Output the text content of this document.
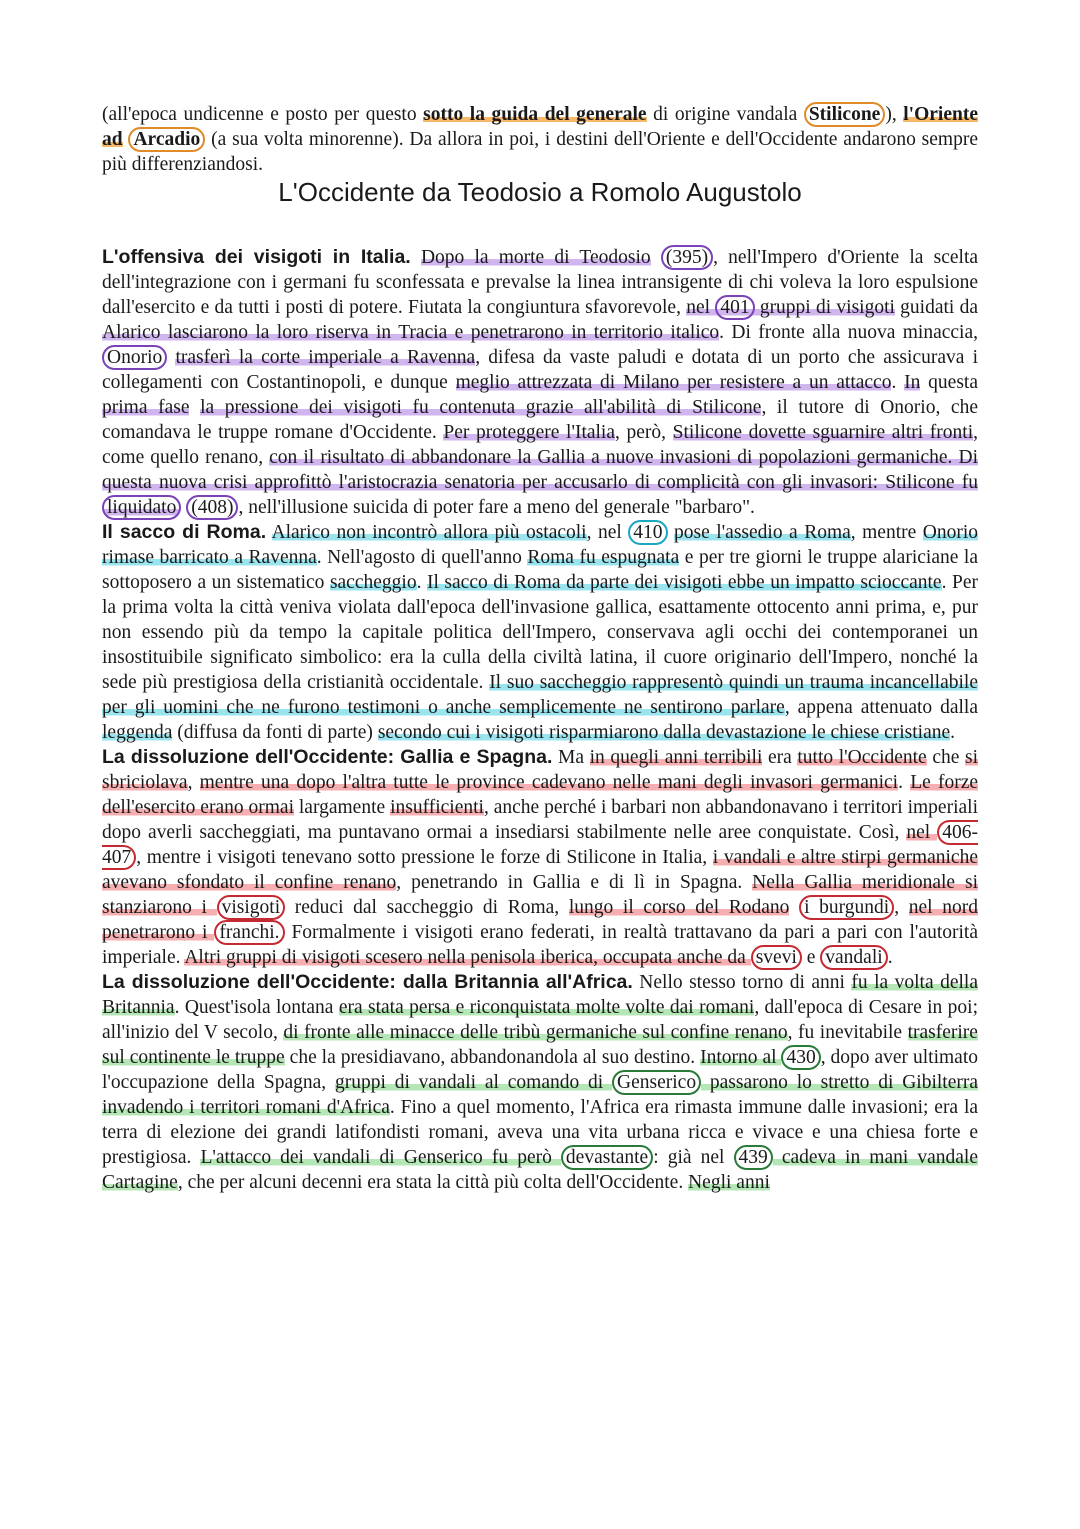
(all'epoca undicenne e posto per questo sotto la guida del generale di origine vandala Stilicone ), l'Oriente ad Arcadio (a sua volta minorenne). Da allora in poi, i destini dell'Oriente e dell'Occidente andarono sempre più differenziandosi.

L'Occidente da Teodosio a Romolo Augustolo

L'offensiva dei visigoti in Italia. Dopo la morte di Teodosio (395) , nell'Impero d'Oriente la scelta dell'integrazione con i germani fu sconfessata e prevalse la linea intransigente di chi voleva la loro espulsione dall'esercito e da tutti i posti di potere. Fiutata la congiuntura sfavorevole, nel 401 gruppi di visigoti guidati da Alarico lasciarono la loro riserva in Tracia e penetrarono in territorio italico. Di fronte alla nuova minaccia, Onorio trasferì la corte imperiale a Ravenna, difesa da vaste paludi e dotata di un porto che assicurava i collegamenti con Costantinopoli, e dunque meglio attrezzata di Milano per resistere a un attacco. In questa prima fase la pressione dei visigoti fu contenuta grazie all'abilità di Stilicone, il tutore di Onorio, che comandava le truppe romane d'Occidente. Per proteggere l'Italia, però, Stilicone dovette sguarnire altri fronti, come quello renano, con il risultato di abbandonare la Gallia a nuove invasioni di popolazioni germaniche. Di questa nuova crisi approfittò l'aristocrazia senatoria per accusarlo di complicità con gli invasori: Stilicone fu liquidato (408) , nell'illusione suicida di poter fare a meno del generale "barbaro".

Il sacco di Roma. Alarico non incontrò allora più ostacoli, nel 410 pose l'assedio a Roma, mentre Onorio rimase barricato a Ravenna. Nell'agosto di quell'anno Roma fu espugnata e per tre giorni le truppe alariciane la sottoposero a un sistematico saccheggio. Il sacco di Roma da parte dei visigoti ebbe un impatto scioccante. Per la prima volta la città veniva violata dall'epoca dell'invasione gallica, esattamente ottocento anni prima, e, pur non essendo più da tempo la capitale politica dell'Impero, conservava agli occhi dei contemporanei un insostituibile significato simbolico: era la culla della civiltà latina, il cuore originario dell'Impero, nonché la sede più prestigiosa della cristianità occidentale. Il suo saccheggio rappresentò quindi un trauma incancellabile per gli uomini che ne furono testimoni o anche semplicemente ne sentirono parlare, appena attenuato dalla leggenda (diffusa da fonti di parte) secondo cui i visigoti risparmiarono dalla devastazione le chiese cristiane.

La dissoluzione dell'Occidente: Gallia e Spagna. Ma in quegli anni terribili era tutto l'Occidente che si sbriciolava, mentre una dopo l'altra tutte le province cadevano nelle mani degli invasori germanici. Le forze dell'esercito erano ormai largamente insufficienti, anche perché i barbari non abbandonavano i territori imperiali dopo averli saccheggiati, ma puntavano ormai a insediarsi stabilmente nelle aree conquistate. Così, nel 406-407 , mentre i visigoti tenevano sotto pressione le forze di Stilicone in Italia, i vandali e altre stirpi germaniche avevano sfondato il confine renano, penetrando in Gallia e di lì in Spagna. Nella Gallia meridionale si stanziarono i visigoti reduci dal saccheggio di Roma, lungo il corso del Rodano i burgundi , nel nord penetrarono i franchi. Formalmente i visigoti erano federati, in realtà trattavano da pari a pari con l'autorità imperiale. Altri gruppi di visigoti scesero nella penisola iberica, occupata anche da svevi e vandali .

La dissoluzione dell'Occidente: dalla Britannia all'Africa. Nello stesso torno di anni fu la volta della Britannia. Quest'isola lontana era stata persa e riconquistata molte volte dai romani, dall'epoca di Cesare in poi; all'inizio del V secolo, di fronte alle minacce delle tribù germaniche sul confine renano, fu inevitabile trasferire sul continente le truppe che la presidiavano, abbandonandola al suo destino. Intorno al 430 , dopo aver ultimato l'occupazione della Spagna, gruppi di vandali al comando di Genserico passarono lo stretto di Gibilterra invadendo i territori romani d'Africa. Fino a quel momento, l'Africa era rimasta immune dalle invasioni; era la terra di elezione dei grandi latifondisti romani, aveva una vita urbana ricca e vivace e una chiesa forte e prestigiosa. L'attacco dei vandali di Genserico fu però devastante : già nel 439 cadeva in mani vandale Cartagine, che per alcuni decenni era stata la città più colta dell'Occidente. Negli anni
